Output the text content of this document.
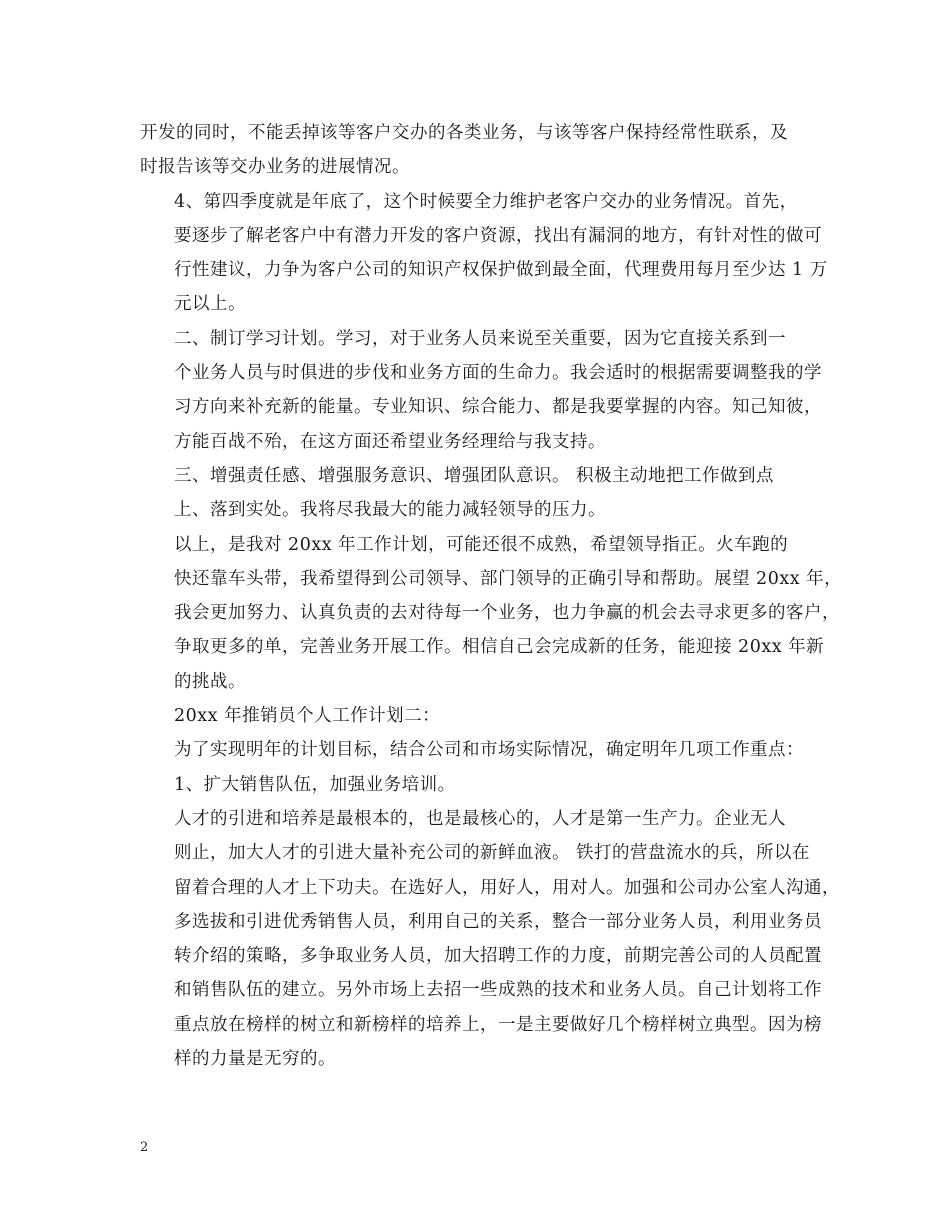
开发的同时，不能丢掉该等客户交办的各类业务，与该等客户保持经常性联系，及
时报告该等交办业务的进展情况。

4、第四季度就是年底了，这个时候要全力维护老客户交办的业务情况。首先，
要逐步了解老客户中有潜力开发的客户资源，找出有漏洞的地方，有针对性的做可
行性建议，力争为客户公司的知识产权保护做到最全面，代理费用每月至少达 1 万
元以上。

二、制订学习计划。学习，对于业务人员来说至关重要，因为它直接关系到一
个业务人员与时俱进的步伐和业务方面的生命力。我会适时的根据需要调整我的学
习方向来补充新的能量。专业知识、综合能力、都是我要掌握的内容。知己知彼，
方能百战不殆，在这方面还希望业务经理给与我支持。

三、增强责任感、增强服务意识、增强团队意识。 积极主动地把工作做到点
上、落到实处。我将尽我最大的能力减轻领导的压力。

以上，是我对 20xx 年工作计划，可能还很不成熟，希望领导指正。火车跑的
快还靠车头带，我希望得到公司领导、部门领导的正确引导和帮助。展望 20xx 年，
我会更加努力、认真负责的去对待每一个业务，也力争赢的机会去寻求更多的客户，
争取更多的单，完善业务开展工作。相信自己会完成新的任务，能迎接 20xx 年新
的挑战。

20xx 年推销员个人工作计划二：

为了实现明年的计划目标，结合公司和市场实际情况，确定明年几项工作重点：

1、扩大销售队伍，加强业务培训。

人才的引进和培养是最根本的，也是最核心的，人才是第一生产力。企业无人
则止，加大人才的引进大量补充公司的新鲜血液。 铁打的营盘流水的兵，所以在
留着合理的人才上下功夫。在选好人，用好人，用对人。加强和公司办公室人沟通，
多选拔和引进优秀销售人员，利用自己的关系，整合一部分业务人员，利用业务员
转介绍的策略，多争取业务人员，加大招聘工作的力度，前期完善公司的人员配置
和销售队伍的建立。另外市场上去招一些成熟的技术和业务人员。自己计划将工作
重点放在榜样的树立和新榜样的培养上，一是主要做好几个榜样树立典型。因为榜
样的力量是无穷的。

2
